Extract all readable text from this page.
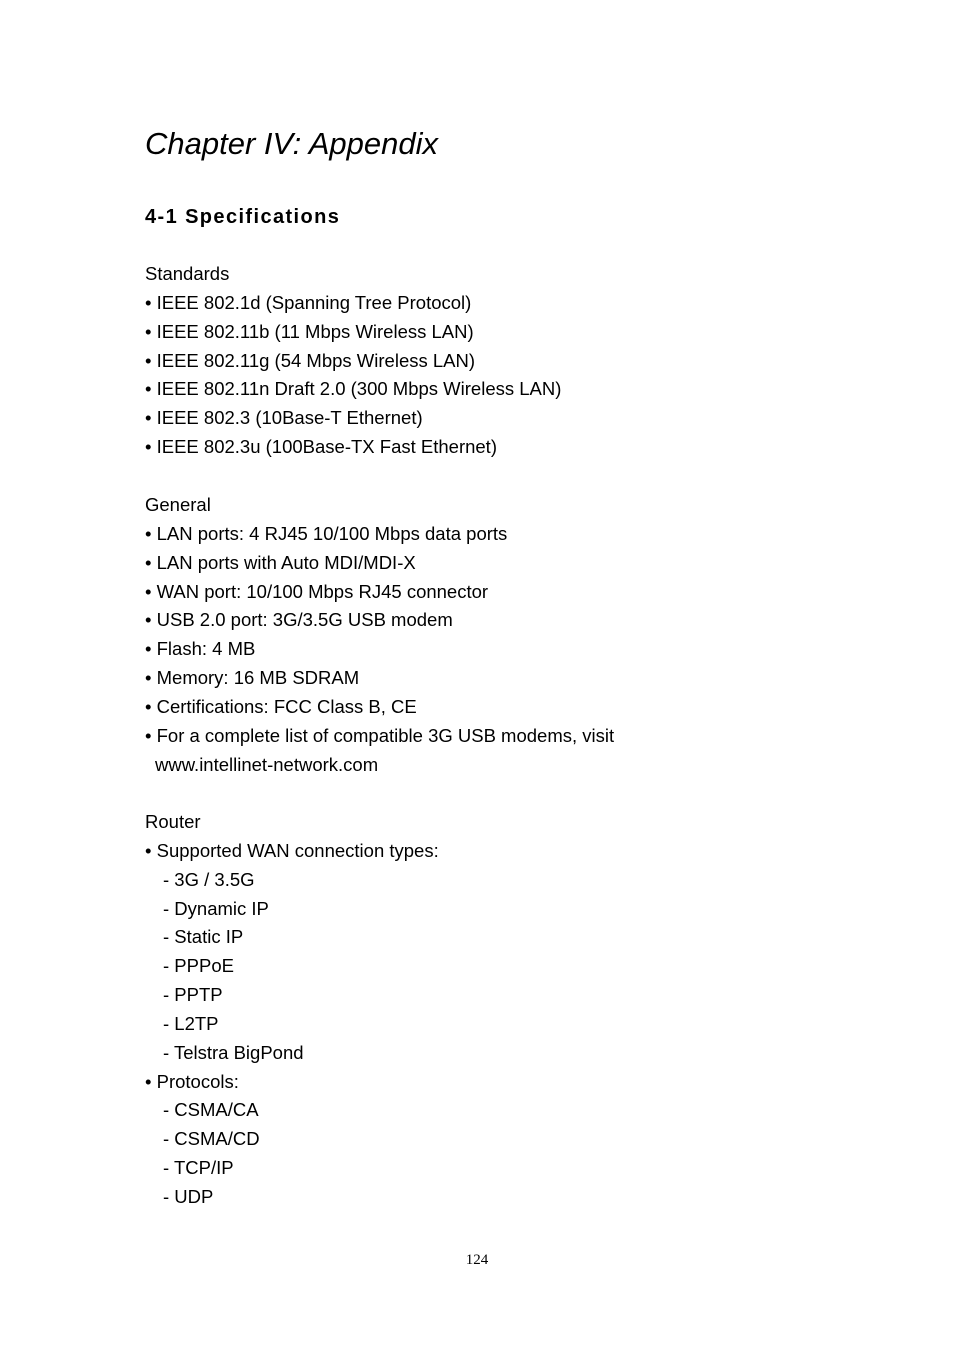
Chapter IV: Appendix
4-1 Specifications
Standards
• IEEE 802.1d (Spanning Tree Protocol)
• IEEE 802.11b (11 Mbps Wireless LAN)
• IEEE 802.11g (54 Mbps Wireless LAN)
• IEEE 802.11n Draft 2.0 (300 Mbps Wireless LAN)
• IEEE 802.3 (10Base-T Ethernet)
• IEEE 802.3u (100Base-TX Fast Ethernet)
General
• LAN ports: 4 RJ45 10/100 Mbps data ports
• LAN ports with Auto MDI/MDI-X
• WAN port: 10/100 Mbps RJ45 connector
• USB 2.0 port: 3G/3.5G USB modem
• Flash: 4 MB
• Memory: 16 MB SDRAM
• Certifications: FCC Class B, CE
• For a complete list of compatible 3G USB modems, visit
www.intellinet-network.com
Router
• Supported WAN connection types:
- 3G / 3.5G
- Dynamic IP
- Static IP
- PPPoE
- PPTP
- L2TP
- Telstra BigPond
• Protocols:
- CSMA/CA
- CSMA/CD
- TCP/IP
- UDP
124
